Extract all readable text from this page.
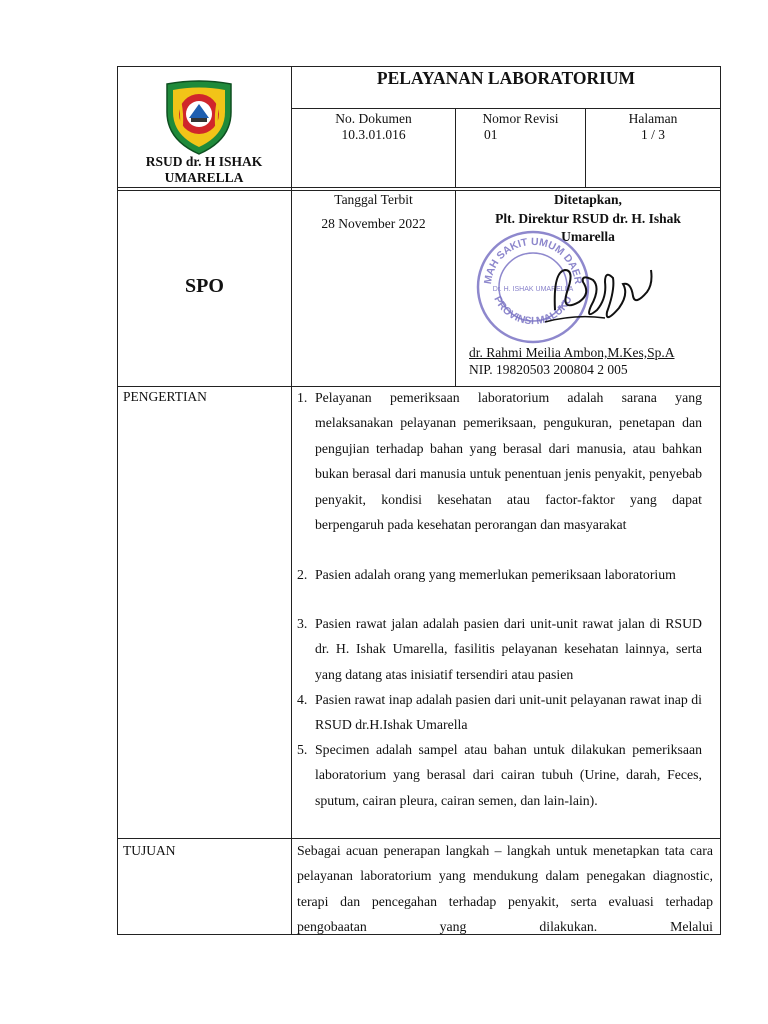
RSUD dr. H ISHAK UMARELLA
PELAYANAN LABORATORIUM
No. Dokumen
10.3.01.016
Nomor Revisi
01
Halaman
1 / 3
SPO
Tanggal Terbit
28 November 2022
Ditetapkan,
Plt. Direktur RSUD dr. H. Ishak Umarella
MAH SAKIT UMUM DAER
Dr. H. ISHAK UMARELLA
PROVINSI MALUKU
dr. Rahmi Meilia Ambon,M.Kes,Sp.A
NIP. 19820503 200804 2 005
PENGERTIAN	1. Pelayanan pemeriksaan laboratorium adalah sarana yang melaksanakan pelayanan pemeriksaan, pengukuran, penetapan dan pengujian terhadap bahan yang berasal dari manusia, atau bahkan bukan berasal dari manusia untuk penentuan jenis penyakit, penyebab penyakit, kondisi kesehatan atau factor-faktor yang dapat berpengaruh pada kesehatan perorangan dan masyarakat
2. Pasien adalah orang yang memerlukan pemeriksaan laboratorium
3. Pasien rawat jalan adalah pasien dari unit-unit rawat jalan di RSUD dr. H. Ishak Umarella, fasilitis pelayanan kesehatan lainnya, serta yang datang atas inisiatif tersendiri atau pasien
4. Pasien rawat inap adalah pasien dari unit-unit pelayanan rawat inap di RSUD dr.H.Ishak Umarella
5. Specimen adalah sampel atau bahan untuk dilakukan pemeriksaan laboratorium yang berasal dari cairan tubuh (Urine, darah, Feces, sputum, cairan pleura, cairan semen, dan lain-lain).
TUJUAN	Sebagai acuan penerapan langkah – langkah untuk menetapkan tata cara pelayanan laboratorium yang mendukung dalam penegakan diagnostic, terapi dan pencegahan terhadap penyakit, serta evaluasi terhadap pengobaatan yang dilakukan. Melalui
